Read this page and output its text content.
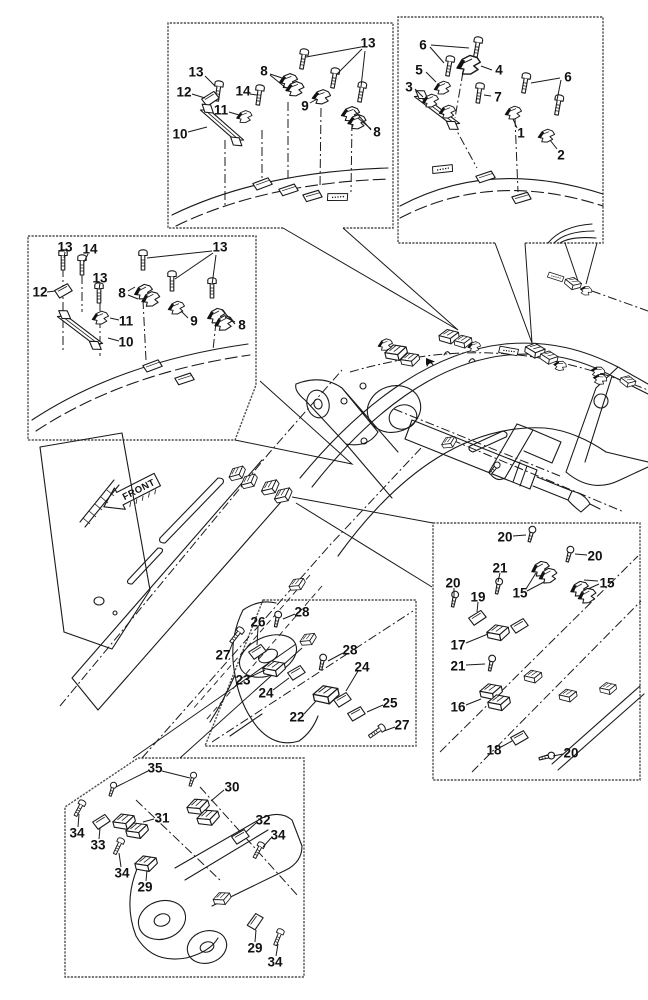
FRONT
13
12	14
11
10
8
9
13
8
6
4
5
3
7
6
1
2
13 14
13
12	8
13
11
10
9	8
20
20
21
15
15
20
19
17
21
16
18	20
28
26
27
23
24
28
24
22
25
27
35
30
31
34
33
32
34
34
29
29
34
